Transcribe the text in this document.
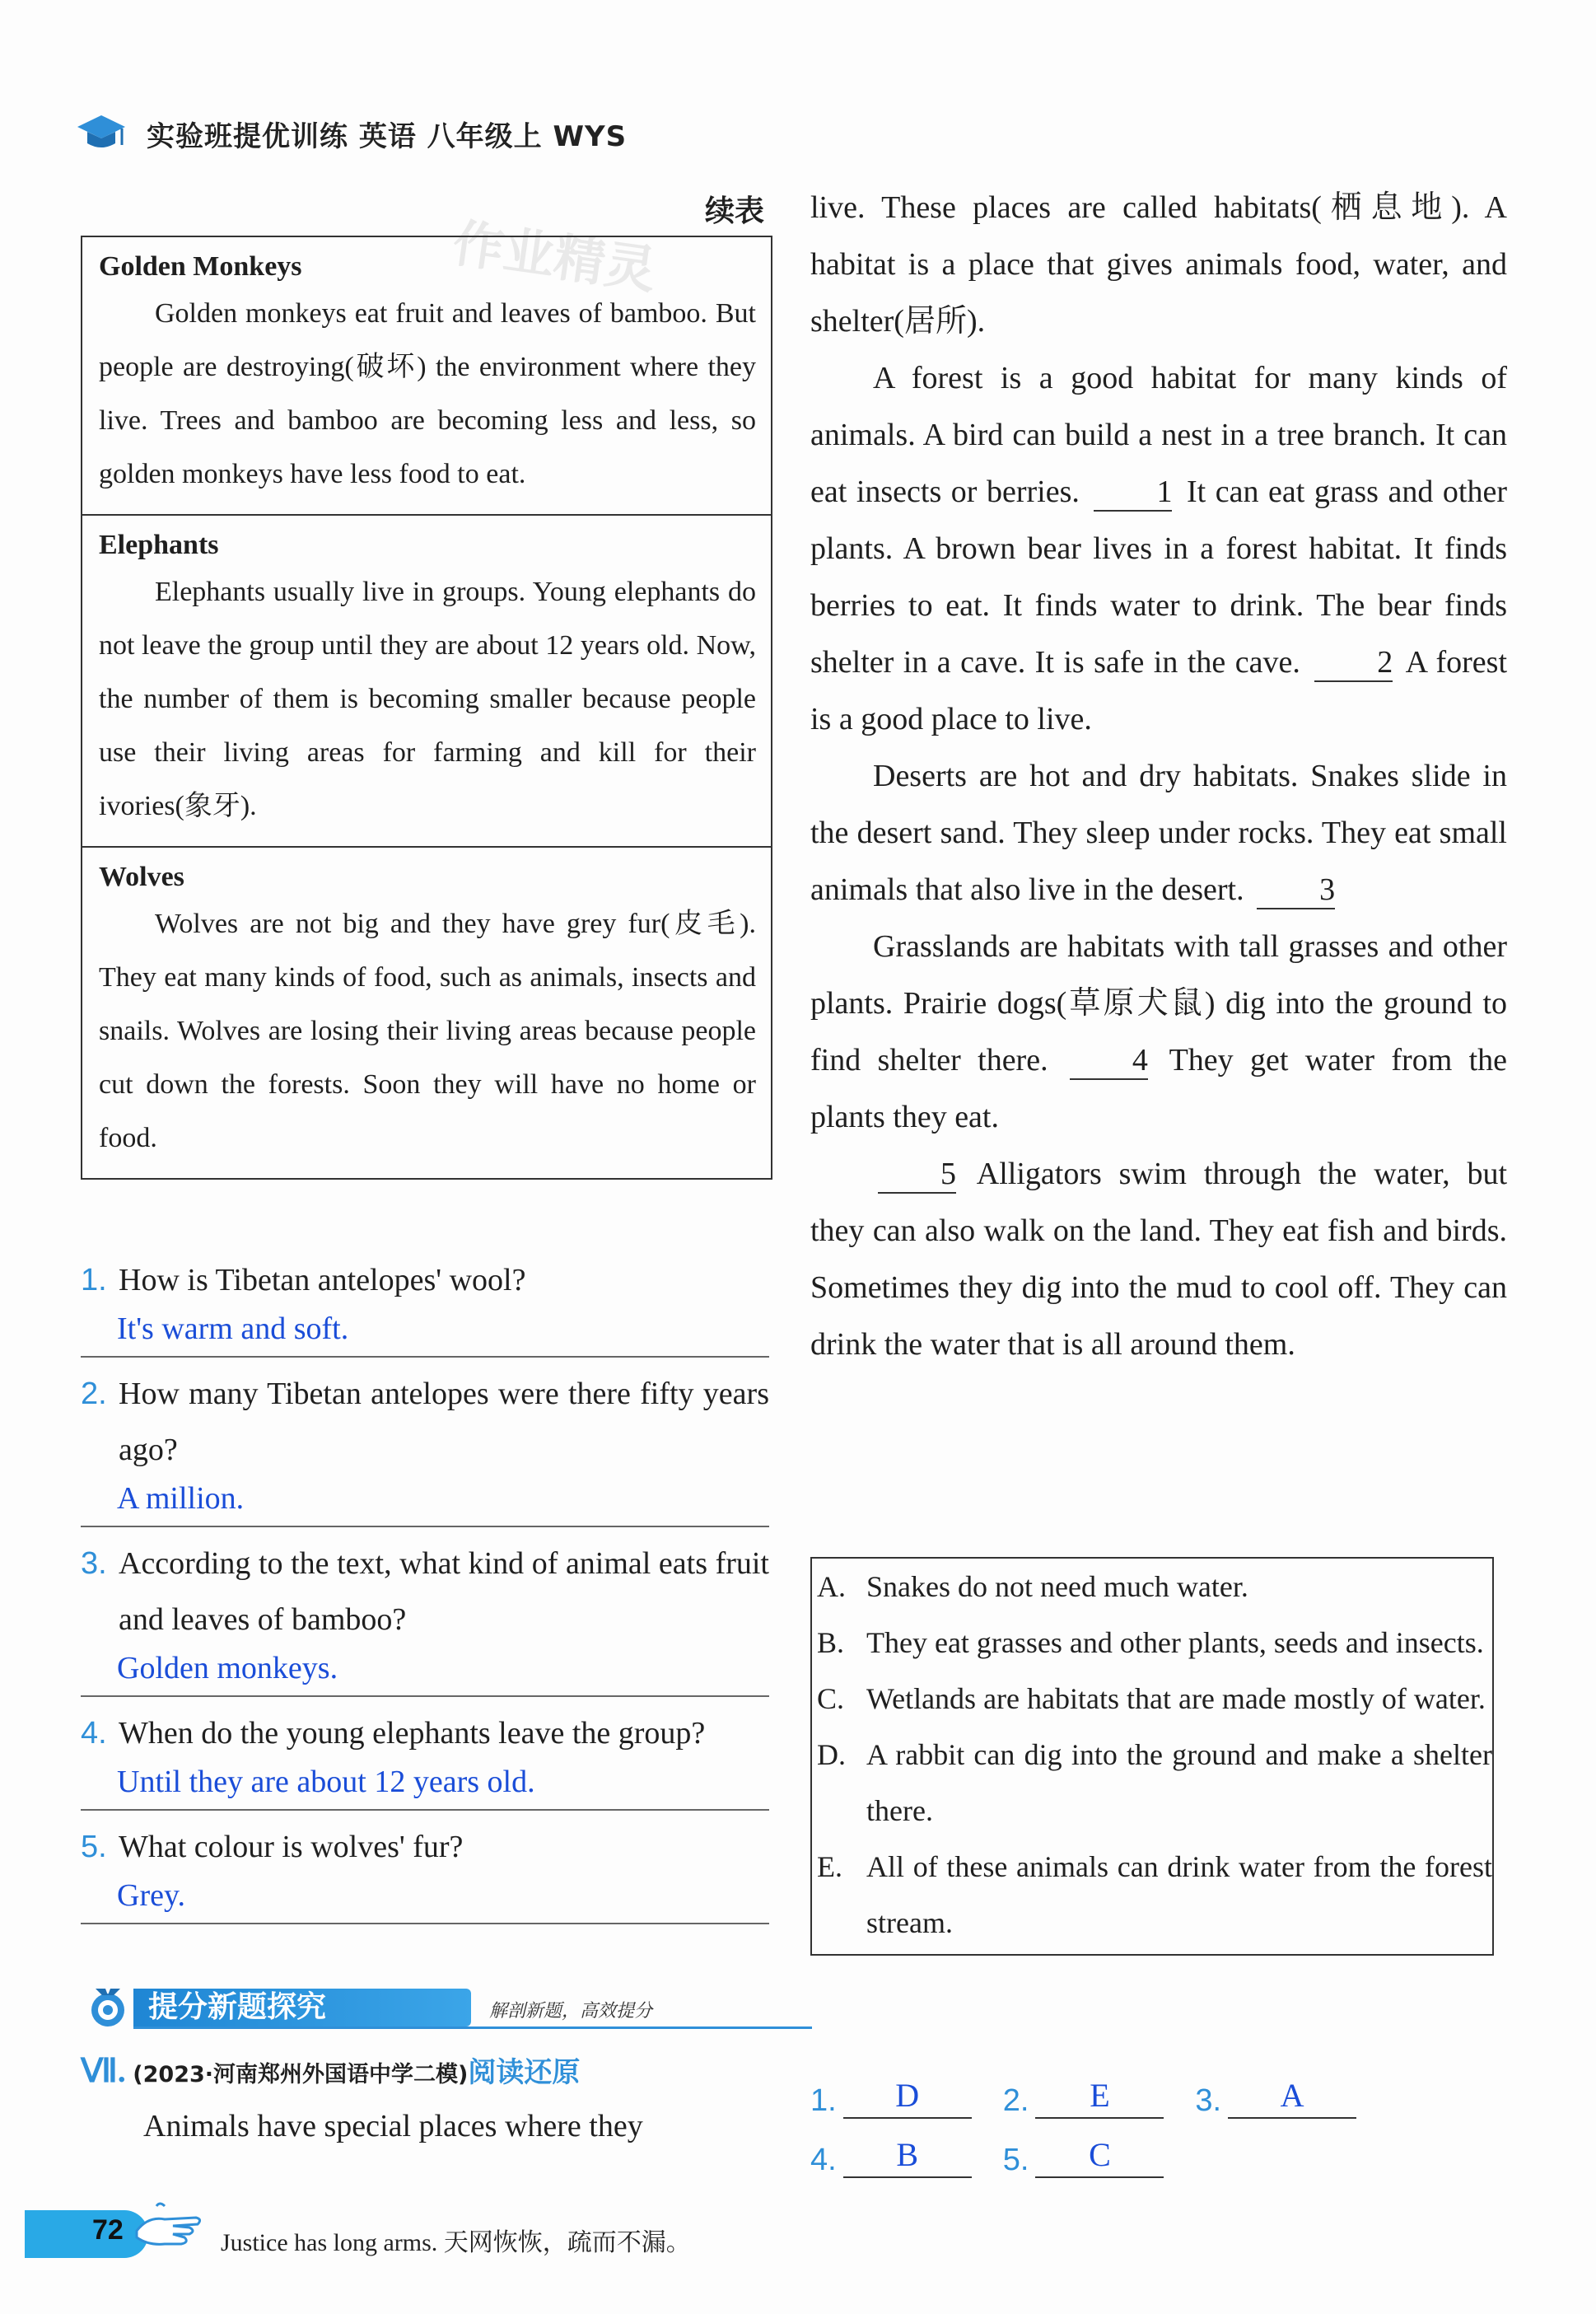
实验班提优训练 英语 八年级上 WYS
作业精灵
续表
Golden Monkeys
Golden monkeys eat fruit and leaves of bamboo. But people are destroying(破坏) the environment where they live. Trees and bamboo are becoming less and less, so golden monkeys have less food to eat.
Elephants
Elephants usually live in groups. Young elephants do not leave the group until they are about 12 years old. Now, the number of them is becoming smaller because people use their living areas for farming and kill for their ivories(象牙).
Wolves
Wolves are not big and they have grey fur(皮毛). They eat many kinds of food, such as animals, insects and snails. Wolves are losing their living areas because people cut down the forests. Soon they will have no home or food.
1. How is Tibetan antelopes' wool?
It's warm and soft.
2. How many Tibetan antelopes were there fifty years ago?
A million.
3. According to the text, what kind of animal eats fruit and leaves of bamboo?
Golden monkeys.
4. When do the young elephants leave the group?
Until they are about 12 years old.
5. What colour is wolves' fur?
Grey.
提分新题探究	解剖新题，高效提分
Ⅶ. (2023·河南郑州外国语中学二模)阅读还原
Animals have special places where they

live. These places are called habitats(栖息地). A habitat is a place that gives animals food, water, and shelter(居所).

A forest is a good habitat for many kinds of animals. A bird can build a nest in a tree branch. It can eat insects or berries. 1 It can eat grass and other plants. A brown bear lives in a forest habitat. It finds berries to eat. It finds water to drink. The bear finds shelter in a cave. It is safe in the cave. 2 A forest is a good place to live.

Deserts are hot and dry habitats. Snakes slide in the desert sand. They sleep under rocks. They eat small animals that also live in the desert. 3

Grasslands are habitats with tall grasses and other plants. Prairie dogs(草原犬鼠) dig into the ground to find shelter there.	4 They get water from the plants they eat.

5 Alligators swim through the water, but they can also walk on the land. They eat fish and birds. Sometimes they dig into the mud to cool off. They can drink the water that is all around them.

A. Snakes do not need much water.
B. They eat grasses and other plants, seeds and insects.
C. Wetlands are habitats that are made mostly of water.
D. A rabbit can dig into the ground and make a shelter there.
E. All of these animals can drink water from the forest stream.
1.	D	2.	E	3.	A
4.	B	5.	C
72	Justice has long arms. 天网恢恢，疏而不漏。
